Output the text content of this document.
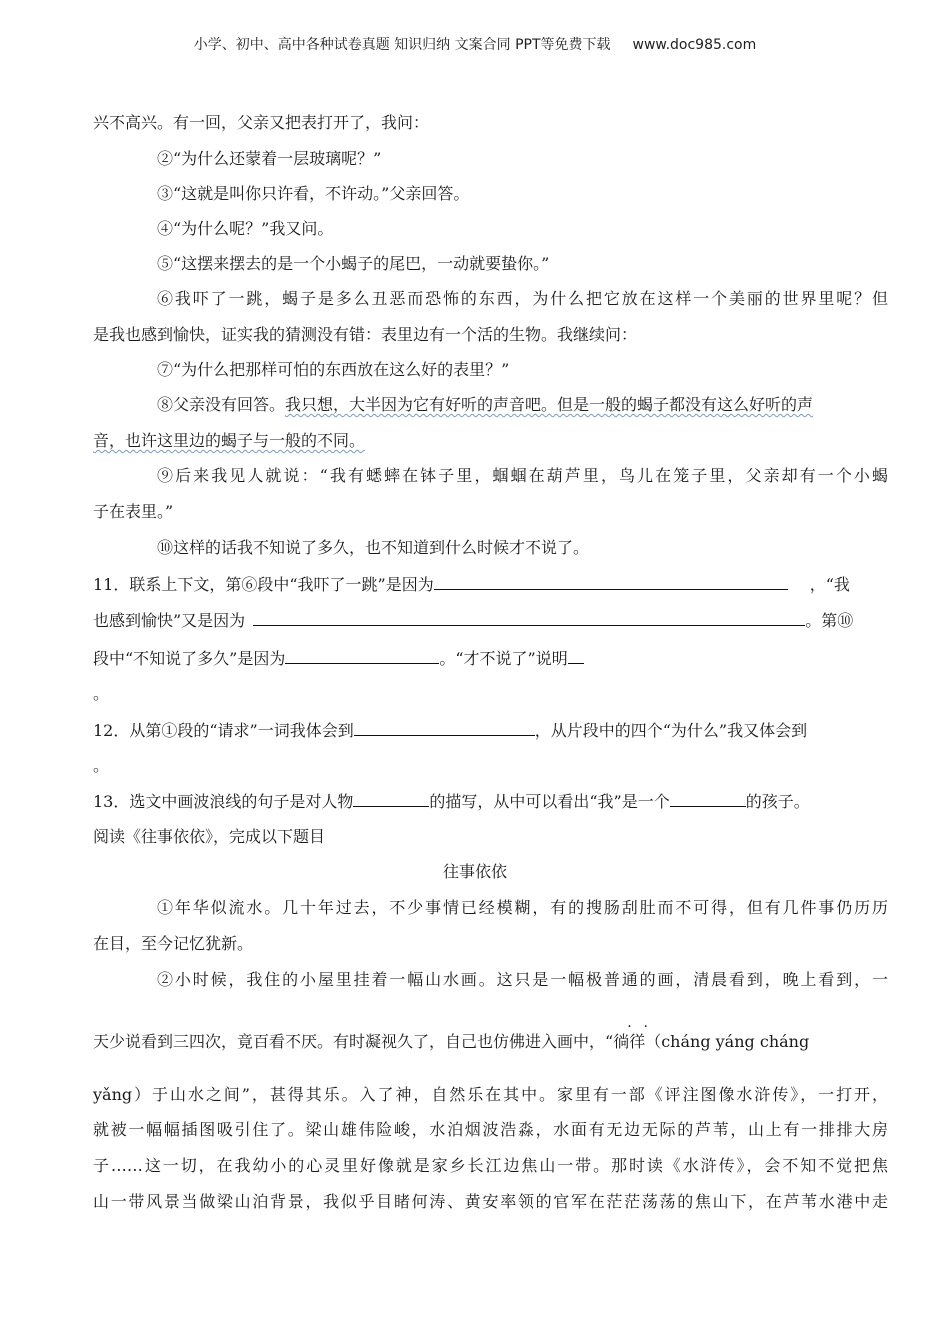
小学、初中、高中各种试卷真题 知识归纳 文案合同 PPT等免费下载 www.doc985.com
兴不高兴。有一回，父亲又把表打开了，我问：
②“为什么还蒙着一层玻璃呢？”
③“这就是叫你只许看，不许动。”父亲回答。
④“为什么呢？”我又问。
⑤“这摆来摆去的是一个小蝎子的尾巴，一动就要蛰你。”
⑥我吓了一跳，蝎子是多么丑恶而恐怖的东西，为什么把它放在这样一个美丽的世界里呢？但
是我也感到愉快，证实我的猜测没有错：表里边有一个活的生物。我继续问：
⑦“为什么把那样可怕的东西放在这么好的表里？”
⑧父亲没有回答。我只想，大半因为它有好听的声音吧。但是一般的蝎子都没有这么好听的声
音，也许这里边的蝎子与一般的不同。
⑨后来我见人就说：“我有蟋蟀在钵子里，蝈蝈在葫芦里，鸟儿在笼子里，父亲却有一个小蝎
子在表里。”
⑩这样的话我不知说了多久，也不知道到什么时候才不说了。
11．联系上下文，第⑥段中“我吓了一跳”是因为	，“我
也感到愉快”又是因为	。第⑩
段中“不知说了多久”是因为	。“才不说了”说明
。
12．从第①段的“请求”一词我体会到	，从片段中的四个“为什么”我又体会到
。
13．选文中画波浪线的句子是对人物	的描写，从中可以看出“我”是一个	的孩子。
阅读《往事依依》，完成以下题目
往事依依
①年华似流水。几十年过去，不少事情已经模糊，有的搜肠刮肚而不可得，但有几件事仍历历
在目，至今记忆犹新。
②小时候，我住的小屋里挂着一幅山水画。这只是一幅极普通的画，清晨看到，晚上看到，一
天少说看到三四次，竟百看不厌。有时凝视久了，自己也仿佛进入画中，“· · 徜徉（cháng yáng cháng
yǎng）于山水之间”，甚得其乐。入了神，自然乐在其中。家里有一部《评注图像水浒传》，一打开，
就被一幅幅插图吸引住了。梁山雄伟险峻，水泊烟波浩淼，水面有无边无际的芦苇，山上有一排排大房
子……这一切，在我幼小的心灵里好像就是家乡长江边焦山一带。那时读《水浒传》，会不知不觉把焦
山一带风景当做梁山泊背景，我似乎目睹何涛、黄安率领的官军在茫茫荡荡的焦山下，在芦苇水港中走
